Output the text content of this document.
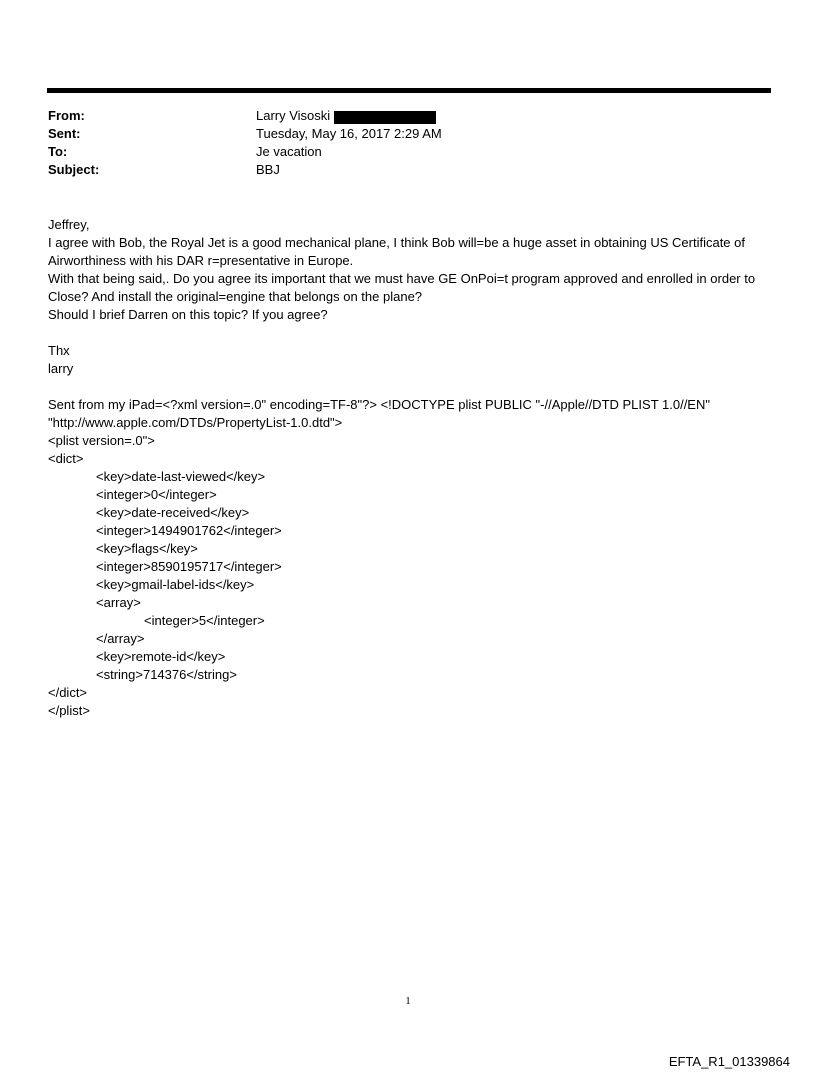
From:	Larry Visoski
Sent:	Tuesday, May 16, 2017 2:29 AM
To:	Je vacation
Subject:	BBJ

Jeffrey,

I agree with Bob, the Royal Jet is a good mechanical plane, I think Bob will=be a huge asset in obtaining US Certificate of Airworthiness with his DAR r=presentative in Europe.

With that being said,. Do you agree its important that we must have GE OnPoi=t program approved and enrolled in order to Close? And install the original=engine that belongs on the plane?

Should I brief Darren on this topic? If you agree?

Thx

larry

Sent from my iPad=<?xml version=.0" encoding=TF-8"?> <!DOCTYPE plist PUBLIC "-//Apple//DTD PLIST 1.0//EN" "http://www.apple.com/DTDs/PropertyList-1.0.dtd">

<plist version=.0">

<dict>

<key>date-last-viewed</key>

<integer>0</integer>

<key>date-received</key>

<integer>1494901762</integer>

<key>flags</key>

<integer>8590195717</integer>

<key>gmail-label-ids</key>

<array>

<integer>5</integer>

</array>

<key>remote-id</key>

<string>714376</string>

</dict>

</plist>

1
EFTA_R1_01339864
